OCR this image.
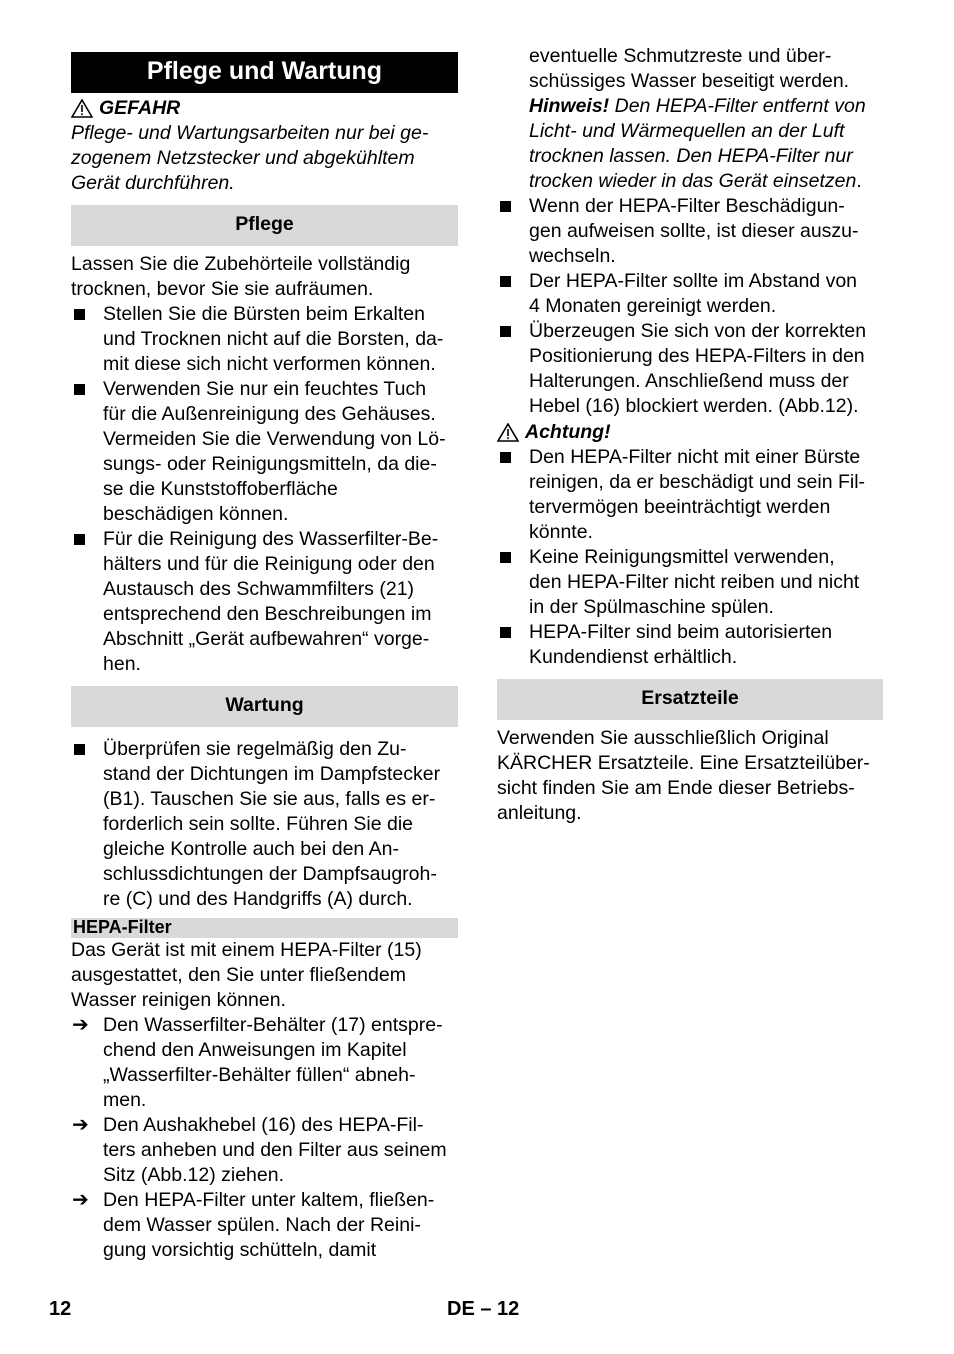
Pflege und Wartung
GEFAHR

Pflege- und Wartungsarbeiten nur bei ge-
zogenem Netzstecker und abgekühltem
Gerät durchführen.

Pflege

Lassen Sie die Zubehörteile vollständig
trocknen, bevor Sie sie aufräumen.

Stellen Sie die Bürsten beim Erkalten
und Trocknen nicht auf die Borsten, da-
mit diese sich nicht verformen können.
Verwenden Sie nur ein feuchtes Tuch
für die Außenreinigung des Gehäuses.
Vermeiden Sie die Verwendung von Lö-
sungs- oder Reinigungsmitteln, da die-
se die Kunststoffoberfläche
beschädigen können.
Für die Reinigung des Wasserfilter-Be-
hälters und für die Reinigung oder den
Austausch des Schwammfilters (21)
entsprechend den Beschreibungen im
Abschnitt „Gerät aufbewahren“ vorge-
hen.
Wartung
Überprüfen sie regelmäßig den Zu-
stand der Dichtungen im Dampfstecker
(B1). Tauschen Sie sie aus, falls es er-
forderlich sein sollte. Führen Sie die
gleiche Kontrolle auch bei den An-
schlussdichtungen der Dampfsaugroh-
re (C) und des Handgriffs (A) durch.
HEPA-Filter

Das Gerät ist mit einem HEPA-Filter (15)
ausgestattet, den Sie unter fließendem
Wasser reinigen können.

➔ Den Wasserfilter-Behälter (17) entspre-
chend den Anweisungen im Kapitel
„Wasserfilter-Behälter füllen“ abneh-
men.
➔ Den Aushakhebel (16) des HEPA-Fil-
ters anheben und den Filter aus seinem
Sitz (Abb.12) ziehen.
➔ Den HEPA-Filter unter kaltem, fließen-
dem Wasser spülen. Nach der Reini-
gung vorsichtig schütteln, damit

eventuelle Schmutzreste und über-
schüssiges Wasser beseitigt werden.

Hinweis! Den HEPA-Filter entfernt von
Licht- und Wärmequellen an der Luft
trocknen lassen. Den HEPA-Filter nur
trocken wieder in das Gerät einsetzen.

Wenn der HEPA-Filter Beschädigun-
gen aufweisen sollte, ist dieser auszu-
wechseln.
Der HEPA-Filter sollte im Abstand von
4 Monaten gereinigt werden.
Überzeugen Sie sich von der korrekten
Positionierung des HEPA-Filters in den
Halterungen. Anschließend muss der
Hebel (16) blockiert werden. (Abb.12).
Achtung!
Den HEPA-Filter nicht mit einer Bürste
reinigen, da er beschädigt und sein Fil-
tervermögen beeinträchtigt werden
könnte.
Keine Reinigungsmittel verwenden,
den HEPA-Filter nicht reiben und nicht
in der Spülmaschine spülen.
HEPA-Filter sind beim autorisierten
Kundendienst erhältlich.
Ersatzteile

Verwenden Sie ausschließlich Original
KÄRCHER Ersatzteile. Eine Ersatzteilüber-
sicht finden Sie am Ende dieser Betriebs-
anleitung.

12	DE – 12
